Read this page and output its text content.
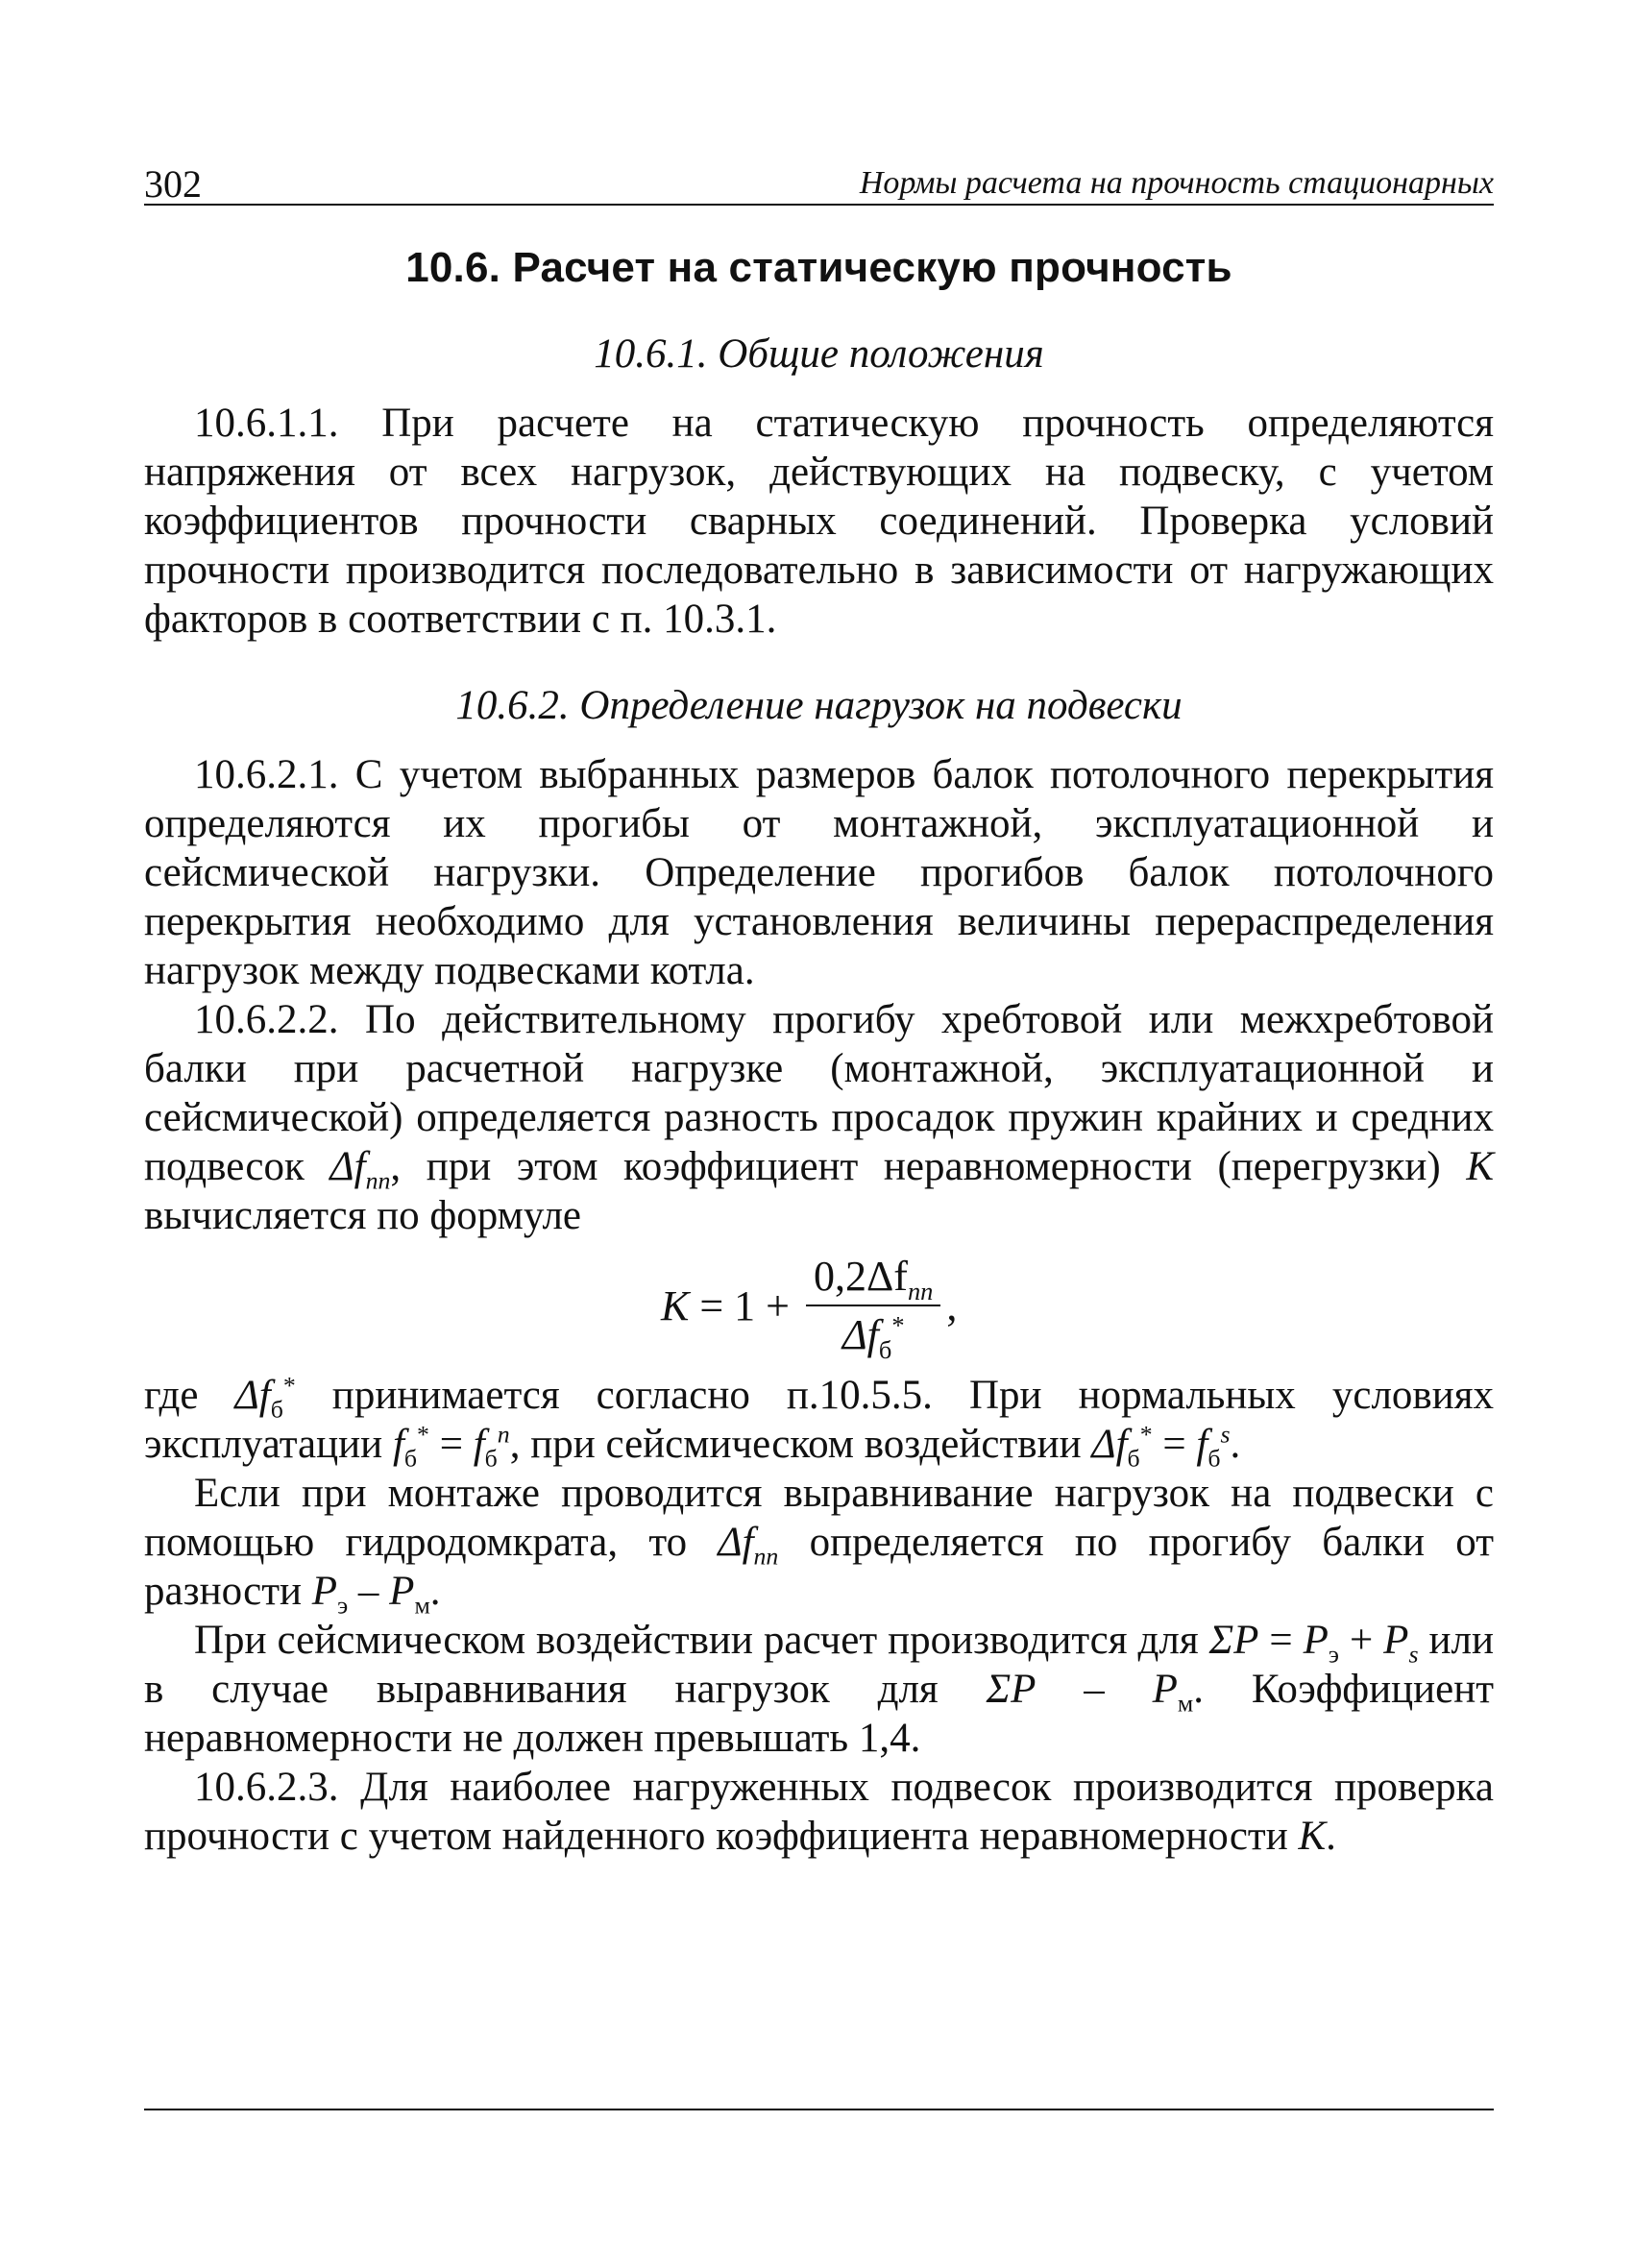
302	Нормы расчета на прочность стационарных
10.6. Расчет на статическую прочность
10.6.1. Общие положения

10.6.1.1. При расчете на статическую прочность определяются напряжения от всех нагрузок, действующих на подвеску, с учетом коэффициентов прочности сварных соединений. Проверка условий прочности производится последовательно в зависимости от нагружающих факторов в соответствии с п. 10.3.1.

10.6.2. Определение нагрузок на подвески

10.6.2.1. С учетом выбранных размеров балок потолочного перекрытия определяются их прогибы от монтажной, эксплуатационной и сейсмической нагрузки. Определение прогибов балок потолочного перекрытия необходимо для установления величины перераспределения нагрузок между подвесками котла.

10.6.2.2. По действительному прогибу хребтовой или межхребтовой балки при расчетной нагрузке (монтажной, эксплуатационной и сейсмической) определяется разность просадок пружин крайних и средних подвесок $\Delta f_{пп}$, при этом коэффициент неравномерности (перегрузки) K вычисляется по формуле

$K = 1 + \frac{0,2\Delta f_{пп}}{\Delta f_б^*}$ ,

где $\Delta f_б^*$ принимается согласно п.10.5.5. При нормальных условиях эксплуатации $f_б^* = f_б^п$, при сейсмическом воздействии $\Delta f_б^* = f_б^s$.

Если при монтаже проводится выравнивание нагрузок на подвески с помощью гидродомкрата, то $\Delta f_{пп}$ определяется по прогибу балки от разности $P_э - P_м$.

При сейсмическом воздействии расчет производится для $\Sigma P = P_э + P_s$ или в случае выравнивания нагрузок для ΣP – $P_м$. Коэффициент неравномерности не должен превышать 1,4.

10.6.2.3. Для наиболее нагруженных подвесок производится проверка прочности с учетом найденного коэффициента неравномерности K.
